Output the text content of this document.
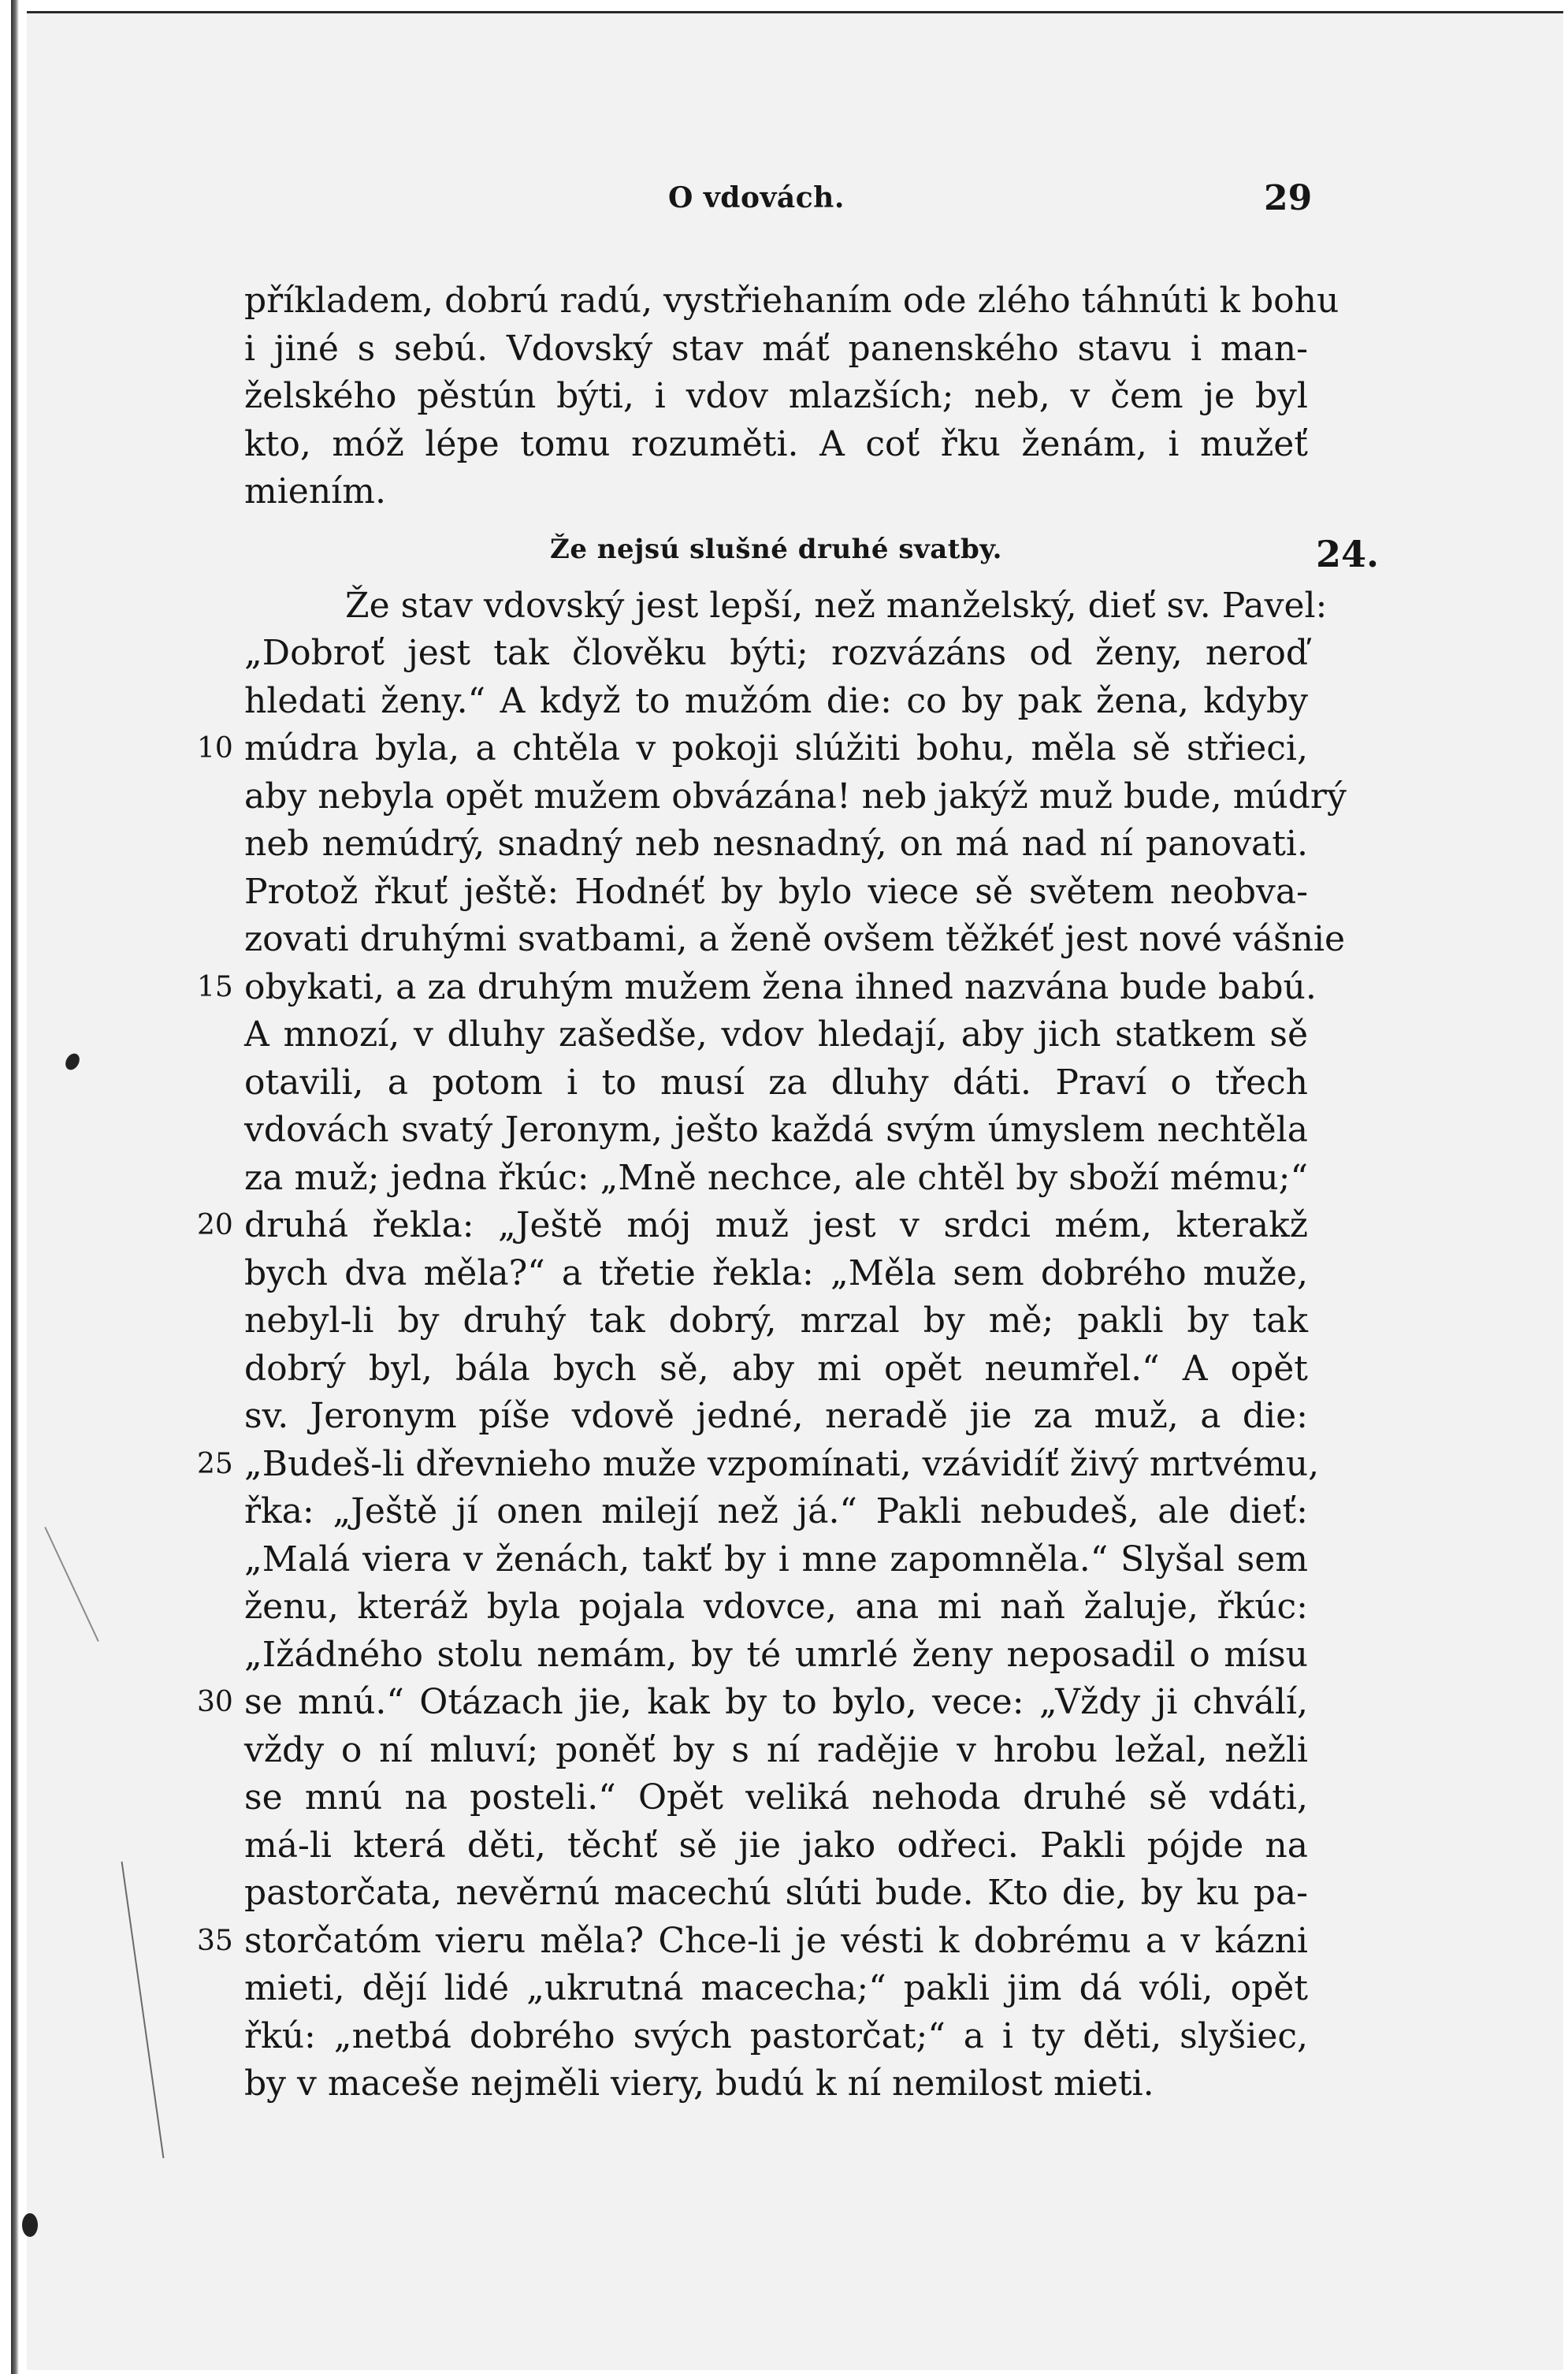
O vdovách.	29
příkladem, dobrú radú, vystřiehaním ode zlého táhnúti k bohu
i jiné s sebú. Vdovský stav máť panenského stavu i man-
želského pěstún býti, i vdov mlazších; neb, v čem je byl
kto, móž lépe tomu rozuměti. A coť řku ženám, i mužeť
miením.
Že nejsú slušné druhé svatby.
Že stav vdovský jest lepší, než manželský, dieť sv. Pavel:
„Dobroť jest tak člověku býti; rozvázáns od ženy, neroď
hledati ženy.“ A když to mužóm die: co by pak žena, kdyby
10 múdra byla, a chtěla v pokoji slúžiti bohu, měla sě střieci,
aby nebyla opět mužem obvázána! neb jakýž muž bude, múdrý
neb nemúdrý, snadný neb nesnadný, on má nad ní panovati.
Protož řkuť ještě: Hodnéť by bylo viece sě světem neobva-
zovati druhými svatbami, a ženě ovšem těžkéť jest nové vášnie
15 obykati, a za druhým mužem žena ihned nazvána bude babú.
A mnozí, v dluhy zašedše, vdov hledají, aby jich statkem sě
otavili, a potom i to musí za dluhy dáti. Praví o třech
vdovách svatý Jeronym, ješto každá svým úmyslem nechtěla
za muž; jedna řkúc: „Mně nechce, ale chtěl by sboží mému;“
20 druhá řekla: „Ještě mój muž jest v srdci mém, kterakž
bych dva měla?“ a třetie řekla: „Měla sem dobrého muže,
nebyl-li by druhý tak dobrý, mrzal by mě; pakli by tak
dobrý byl, bála bych sě, aby mi opět neumřel.“ A opět
sv. Jeronym píše vdově jedné, neradě jie za muž, a die:
25 „Budeš-li dřevnieho muže vzpomínati, vzávidíť živý mrtvému,
řka: „Ještě jí onen milejí než já.“ Pakli nebudeš, ale dieť:
„Malá viera v ženách, takť by i mne zapomněla.“ Slyšal sem
ženu, kteráž byla pojala vdovce, ana mi naň žaluje, řkúc:
„Ižádného stolu nemám, by té umrlé ženy neposadil o mísu
30 se mnú.“ Otázach jie, kak by to bylo, vece: „Vždy ji chválí,
vždy o ní mluví; poněť by s ní radějie v hrobu ležal, nežli
se mnú na posteli.“ Opět veliká nehoda druhé sě vdáti,
má-li která děti, těchť sě jie jako odřeci. Pakli pójde na
pastorčata, nevěrnú macechú slúti bude. Kto die, by ku pa-
35 storčatóm vieru měla? Chce-li je vésti k dobrému a v kázni
mieti, dějí lidé „ukrutná macecha;“ pakli jim dá vóli, opět
řkú: „netbá dobrého svých pastorčat;“ a i ty děti, slyšiec,
by v maceše nejměli viery, budú k ní nemilost mieti.
24.
